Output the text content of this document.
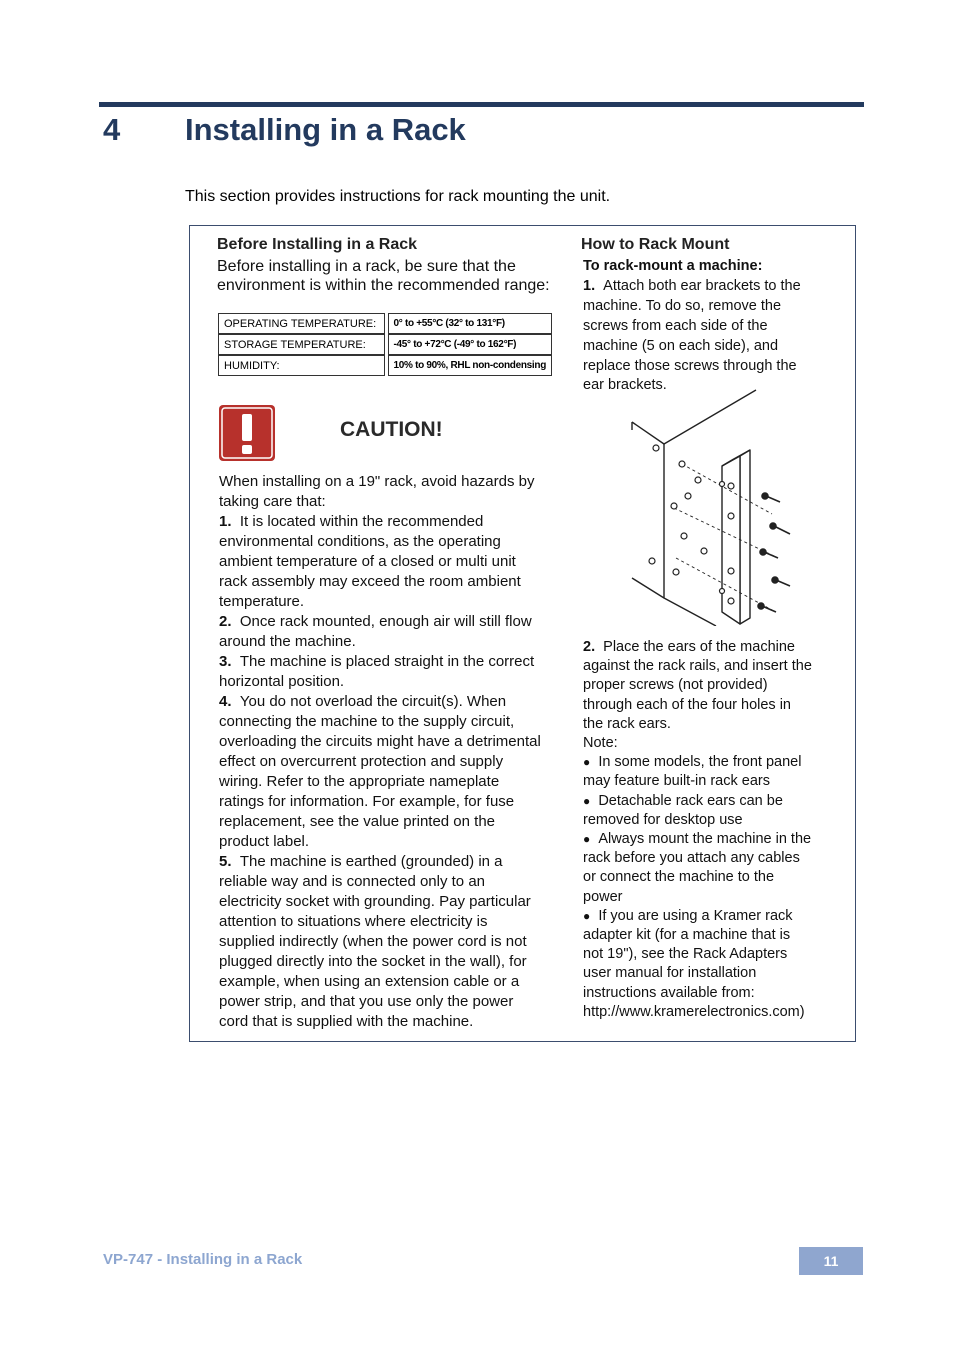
4 Installing in a Rack
This section provides instructions for rack mounting the unit.
Before Installing in a Rack
Before installing in a rack, be sure that the
environment is within the recommended range:
OPERATING TEMPERATURE:		0° to +55°C (32° to 131°F)
STORAGE TEMPERATURE:		-45° to +72°C (-49° to 162°F)
HUMIDITY:		10% to 90%, RHL non-condensing
CAUTION!
When installing on a 19" rack, avoid hazards by
taking care that:
1. It is located within the recommended
environmental conditions, as the operating
ambient temperature of a closed or multi unit
rack assembly may exceed the room ambient
temperature.
2. Once rack mounted, enough air will still flow
around the machine.
3. The machine is placed straight in the correct
horizontal position.
4. You do not overload the circuit(s). When
connecting the machine to the supply circuit,
overloading the circuits might have a detrimental
effect on overcurrent protection and supply
wiring. Refer to the appropriate nameplate
ratings for information. For example, for fuse
replacement, see the value printed on the
product label.
5. The machine is earthed (grounded) in a
reliable way and is connected only to an
electricity socket with grounding. Pay particular
attention to situations where electricity is
supplied indirectly (when the power cord is not
plugged directly into the socket in the wall), for
example, when using an extension cable or a
power strip, and that you use only the power
cord that is supplied with the machine.
How to Rack Mount
To rack-mount a machine:
1. Attach both ear brackets to the
machine. To do so, remove the
screws from each side of the
machine (5 on each side), and
replace those screws through the
ear brackets.
2. Place the ears of the machine
against the rack rails, and insert the
proper screws (not provided)
through each of the four holes in
the rack ears.
Note:
● In some models, the front panel
may feature built-in rack ears
● Detachable rack ears can be
removed for desktop use
● Always mount the machine in the
rack before you attach any cables
or connect the machine to the
power
● If you are using a Kramer rack
adapter kit (for a machine that is
not 19"), see the Rack Adapters
user manual for installation
instructions available from:
http://www.kramerelectronics.com)
VP-747 - Installing in a Rack	11
